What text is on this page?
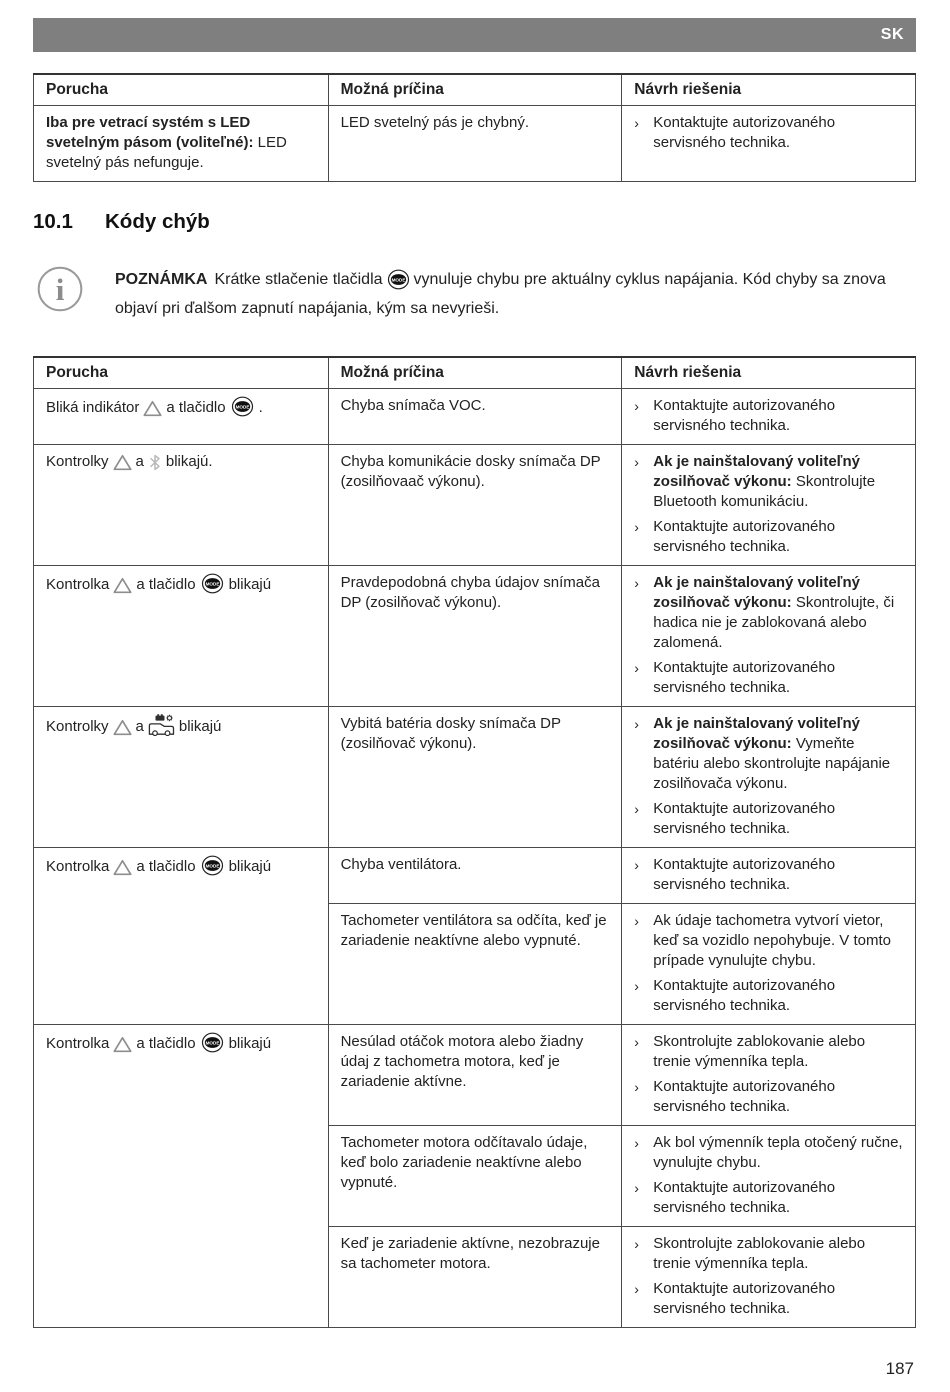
SK
Porucha	Možná príčina	Návrh riešenia
Iba pre vetrací systém s LED svetelným pásom (voliteľné): LED svetelný pás nefunguje.	LED svetelný pás je chybný.	› Kontaktujte autorizovaného servisného technika.
10.1	Kódy chýb
i	POZNÁMKA Krátke stlačenie tlačidla MODE vynuluje chybu pre aktuálny cyklus napájania. Kód chyby sa znova objaví pri ďalšom zapnutí napájania, kým sa nevyrieši.

Porucha	Možná príčina	Návrh riešenia
Bliká indikátor a tlačidlo MODE .	Chyba snímača VOC.	› Kontaktujte autorizovaného servisného technika.

Kontrolky a blikajú.	Chyba komunikácie dosky snímača DP (zosilňovaač výkonu).	› Ak je nainštalovaný voliteľný zosilňovač výkonu: Skontrolujte Bluetooth komunikáciu.
› Kontaktujte autorizovaného servisného technika.

Kontrolka a tlačidlo MODE blikajú	Pravdepodobná chyba údajov snímača DP (zosilňovač výkonu).	
› Ak je nainštalovaný voliteľný zosilňovač výkonu: Skontrolujte, či hadica nie je zablokovaná alebo zalomená.
› Kontaktujte autorizovaného servisného technika.

Kontrolky a blikajú	Vybitá batéria dosky snímača DP (zosilňovač výkonu).	› Ak je nainštalovaný voliteľný zosilňovač výkonu: Vymeňte batériu alebo skontrolujte napájanie zosilňovača výkonu.
› Kontaktujte autorizovaného servisného technika.

Kontrolka a tlačidlo MODE blikajú	Chyba ventilátora.	› Kontaktujte autorizovaného servisného technika.

	Tachometer ventilátora sa odčíta, keď je zariadenie neaktívne alebo vypnuté.	› Ak údaje tachometra vytvorí vietor, keď sa vozidlo nepohybuje. V tomto prípade vynulujte chybu.
› Kontaktujte autorizovaného servisného technika.

Kontrolka a tlačidlo MODE blikajú	Nesúlad otáčok motora alebo žiadny údaj z tachometra motora, keď je zariadenie aktívne.	
› Skontrolujte zablokovanie alebo trenie výmenníka tepla.
› Kontaktujte autorizovaného servisného technika.

	Tachometer motora odčítavalo údaje, keď bolo zariadenie neaktívne alebo vypnuté.	› Ak bol výmenník tepla otočený ručne, vynulujte chybu.
› Kontaktujte autorizovaného servisného technika.

	Keď je zariadenie aktívne, nezobrazuje sa tachometer motora.	› Skontrolujte zablokovanie alebo trenie výmenníka tepla.
› Kontaktujte autorizovaného servisného technika.
187
